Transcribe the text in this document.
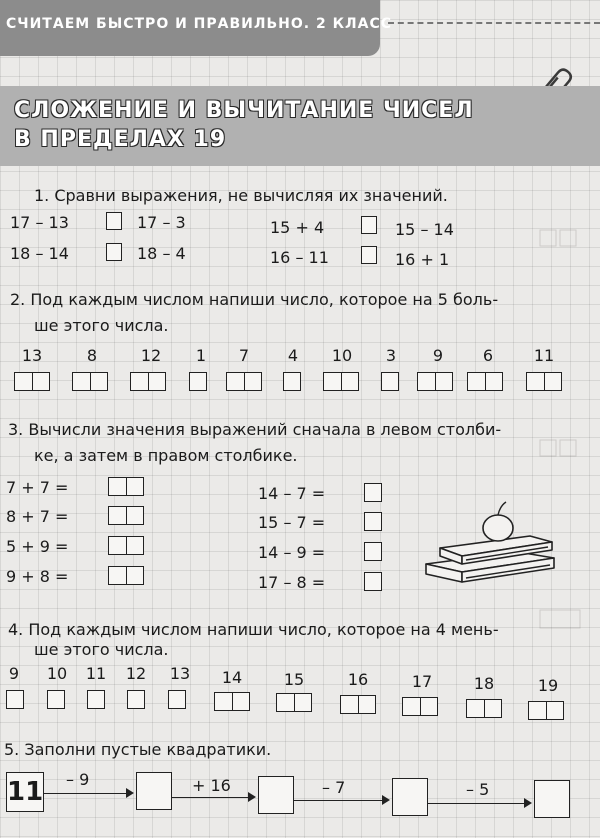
СЧИТАЕМ БЫСТРО И ПРАВИЛЬНО. 2 КЛАСС
СЛОЖЕНИЕ И ВЫЧИТАНИЕ ЧИСЕЛ
В ПРЕДЕЛАХ 19
1. Сравни выражения, не вычисляя их значений.
17 – 13	17 – 3	15 + 4	15 – 14
18 – 14	18 – 4	16 – 11	16 + 1
2. Под каждым числом напиши число, которое на 5 боль-
ше этого числа.
13	8	12	1	7	4	10	3	9	6	11
3. Вычисли значения выражений сначала в левом столби-
ке, а затем в правом столбике.
7 + 7 =
8 + 7 =
5 + 9 =
9 + 8 =
14 – 7 =
15 – 7 =
14 – 9 =
17 – 8 =
4. Под каждым числом напиши число, которое на 4 мень-
ше этого числа.
9	10	11	12	13	14	15	16	17	18	19
5. Заполни пустые квадратики.
11 – 9	+ 16	– 7	– 5
